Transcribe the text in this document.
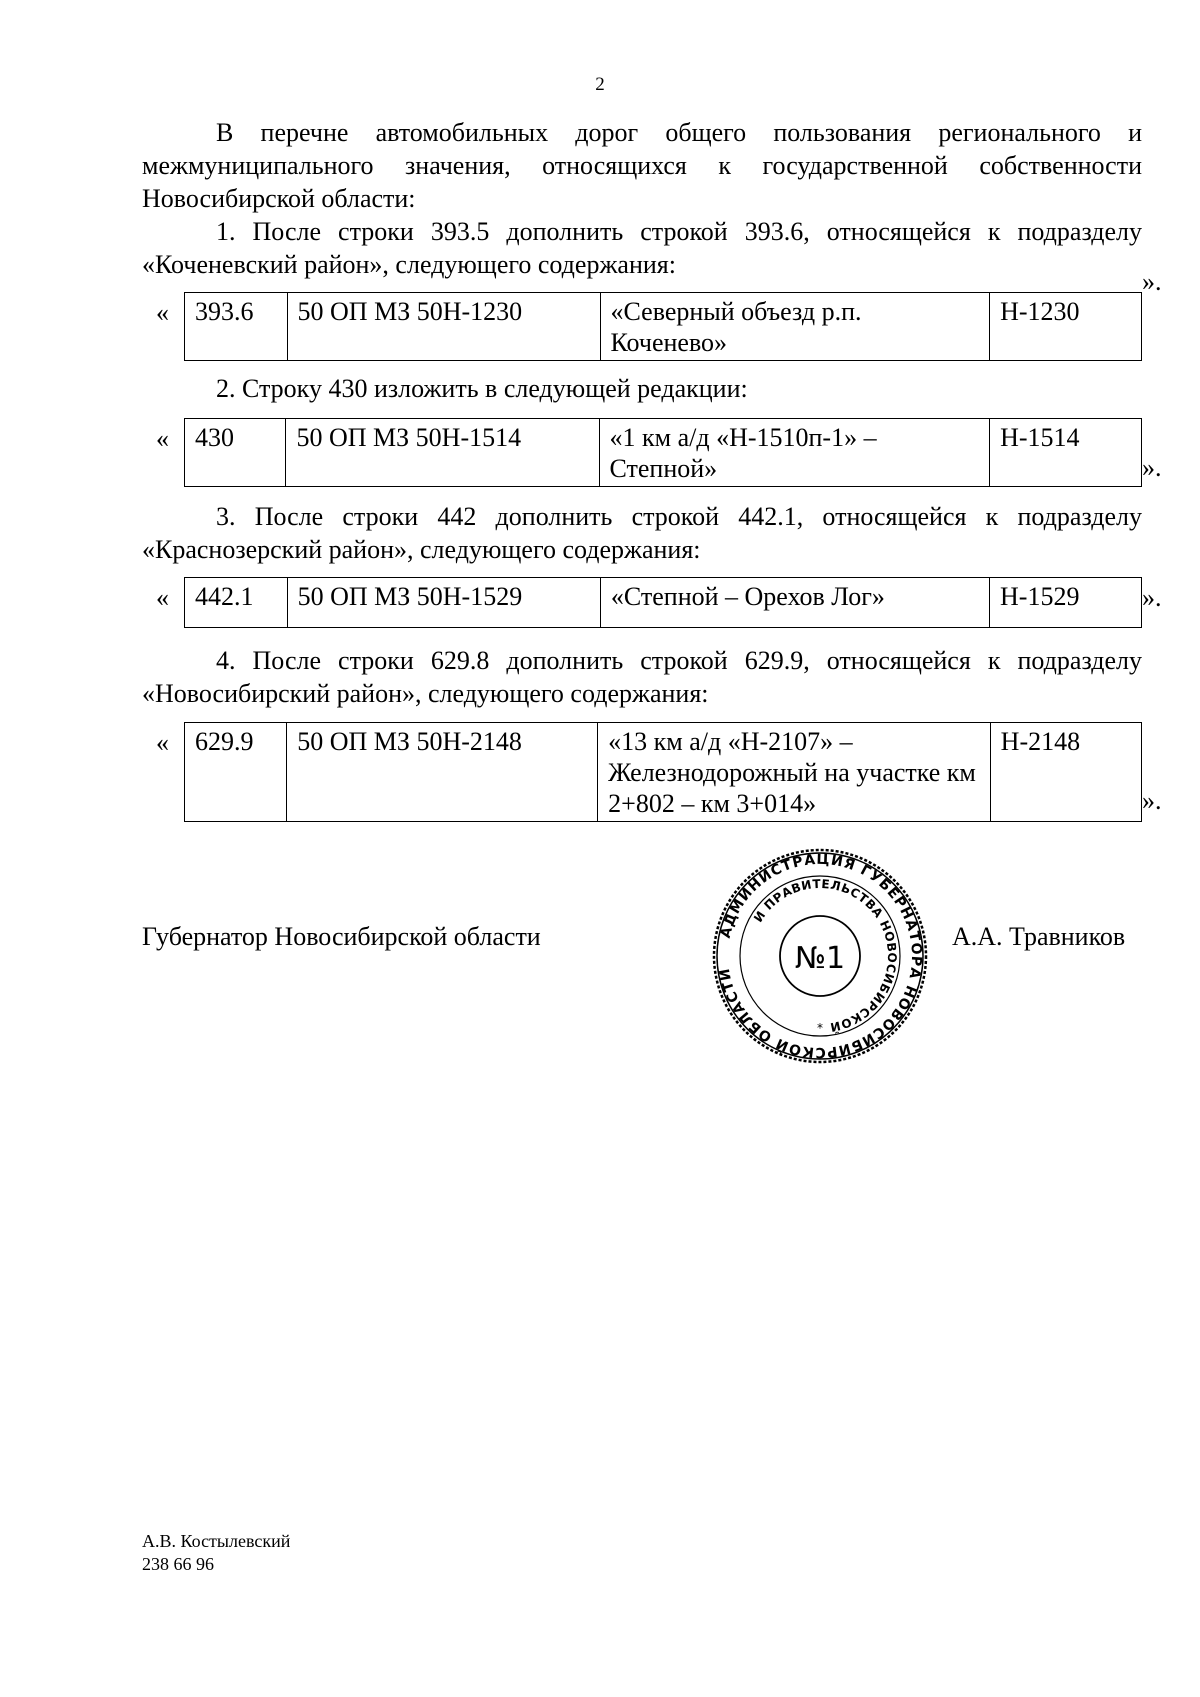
2
В перечне автомобильных дорог общего пользования регионального и межмуниципального значения, относящихся к государственной собственности Новосибирской области:
1. После строки 393.5 дополнить строкой 393.6, относящейся к подразделу «Коченевский район», следующего содержания:
« 393.6	50 ОП МЗ 50Н-1230	«Северный объезд р.п. Коченево»	Н-1230
».
2. Строку 430 изложить в следующей редакции:
« 430	50 ОП МЗ 50Н-1514	«1 км а/д «Н-1510п-1» – Степной»	Н-1514
».
3. После строки 442 дополнить строкой 442.1, относящейся к подразделу «Краснозерский район», следующего содержания:
« 442.1	50 ОП МЗ 50Н-1529	«Степной – Орехов Лог»	Н-1529 ».
4. После строки 629.8 дополнить строкой 629.9, относящейся к подразделу «Новосибирский район», следующего содержания:
« 629.9	50 ОП МЗ 50Н-2148	«13 км а/д «Н-2107» – Железнодорожный на участке км 2+802 – км 3+014»	Н-2148
».
Губернатор Новосибирской области	АДМИНИСТРАЦИЯ ГУБЕРНАТОРА НОВОСИБИРСКОЙ ОБЛАСТИ
И ПРАВИТЕЛЬСТВА НОВОСИБИРСКОЙ
№1
*
А.А. Травников
А.В. Костылевский
238 66 96
